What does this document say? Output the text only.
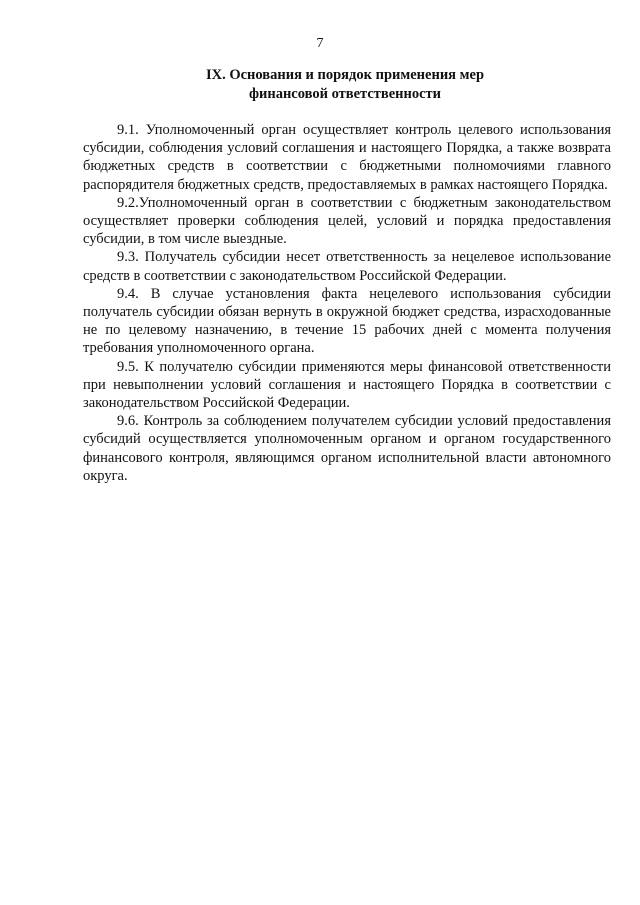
7
IX. Основания и порядок применения мер
финансовой ответственности

9.1. Уполномоченный орган осуществляет контроль целевого использования субсидии, соблюдения условий соглашения и настоящего Порядка, а также возврата бюджетных средств в соответствии с бюджетными полномочиями главного распорядителя бюджетных средств, предоставляемых в рамках настоящего Порядка.

9.2.Уполномоченный орган в соответствии с бюджетным законодательством осуществляет проверки соблюдения целей, условий и порядка предоставления субсидии, в том числе выездные.

9.3. Получатель субсидии несет ответственность за нецелевое использование средств в соответствии с законодательством Российской Федерации.

9.4. В случае установления факта нецелевого использования субсидии получатель субсидии обязан вернуть в окружной бюджет средства, израсходованные не по целевому назначению, в течение 15 рабочих дней с момента получения требования уполномоченного органа.

9.5. К получателю субсидии применяются меры финансовой ответственности при невыполнении условий соглашения и настоящего Порядка в соответствии с законодательством Российской Федерации.

9.6. Контроль за соблюдением получателем субсидии условий предоставления субсидий осуществляется уполномоченным органом и органом государственного финансового контроля, являющимся органом исполнительной власти автономного округа.
